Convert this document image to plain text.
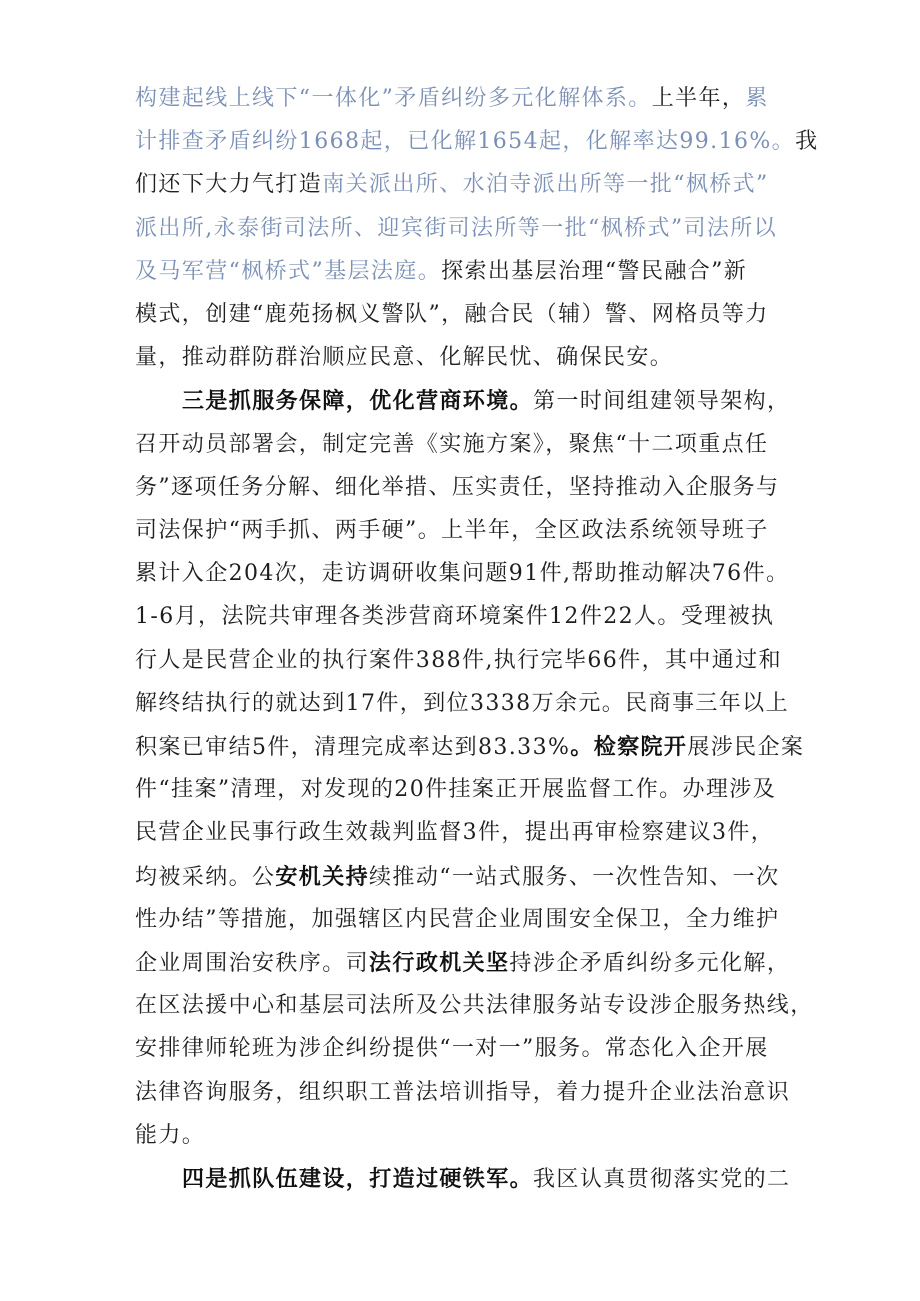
构建起线上线下“一体化”矛盾纠纷多元化解体系。上半年，累
计排查矛盾纠纷1668起，已化解1654起，化解率达99.16%。我
们还下大力气打造南关派出所、水泊寺派出所等一批“枫桥式”
派出所,永泰街司法所、迎宾街司法所等一批“枫桥式”司法所以
及马军营“枫桥式”基层法庭。探索出基层治理“警民融合”新
模式，创建“鹿苑扬枫义警队”，融合民（辅）警、网格员等力
量，推动群防群治顺应民意、化解民忧、确保民安。
三是抓服务保障，优化营商环境。第一时间组建领导架构，
召开动员部署会，制定完善《实施方案》，聚焦“十二项重点任
务”逐项任务分解、细化举措、压实责任，坚持推动入企服务与
司法保护“两手抓、两手硬”。上半年，全区政法系统领导班子
累计入企204次，走访调研收集问题91件,帮助推动解决76件。
1-6月，法院共审理各类涉营商环境案件12件22人。受理被执
行人是民营企业的执行案件388件,执行完毕66件，其中通过和
解终结执行的就达到17件，到位3338万余元。民商事三年以上
积案已审结5件，清理完成率达到83.33%。检察院开展涉民企案
件“挂案”清理，对发现的20件挂案正开展监督工作。办理涉及
民营企业民事行政生效裁判监督3件，提出再审检察建议3件，
均被采纳。公安机关持续推动“一站式服务、一次性告知、一次
性办结”等措施，加强辖区内民营企业周围安全保卫，全力维护
企业周围治安秩序。司法行政机关坚持涉企矛盾纠纷多元化解，
在区法援中心和基层司法所及公共法律服务站专设涉企服务热线，
安排律师轮班为涉企纠纷提供“一对一”服务。常态化入企开展
法律咨询服务，组织职工普法培训指导，着力提升企业法治意识
能力。
四是抓队伍建设，打造过硬铁军。我区认真贯彻落实党的二
